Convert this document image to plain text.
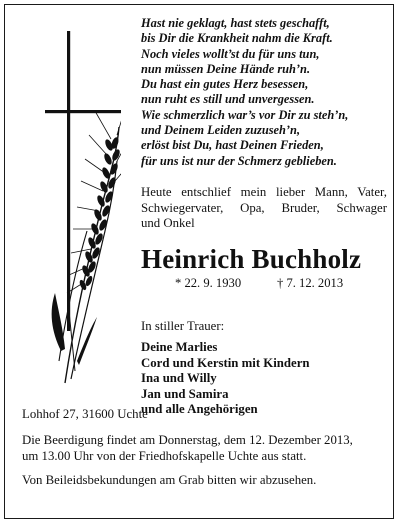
Hast nie geklagt, hast stets geschafft,
bis Dir die Krankheit nahm die Kraft.
Noch vieles wollt’st du für uns tun,
nun müssen Deine Hände ruh’n.
Du hast ein gutes Herz besessen,
nun ruht es still und unvergessen.
Wie schmerzlich war’s vor Dir zu steh’n,
und Deinem Leiden zuzuseh’n,
erlöst bist Du, hast Deinen Frieden,
für uns ist nur der Schmerz geblieben.
Heute entschlief mein lieber Mann, Vater,
Schwiegervater, Opa, Bruder, Schwager
und Onkel
Heinrich Buchholz
* 22. 9. 1930	† 7. 12. 2013
In stiller Trauer:
Deine Marlies
Cord und Kerstin mit Kindern
Ina und Willy
Jan und Samira
und alle Angehörigen
Lohhof 27, 31600 Uchte
Die Beerdigung findet am Donnerstag, dem 12. Dezember 2013,
um 13.00 Uhr von der Friedhofskapelle Uchte aus statt.
Von Beileidsbekundungen am Grab bitten wir abzusehen.
